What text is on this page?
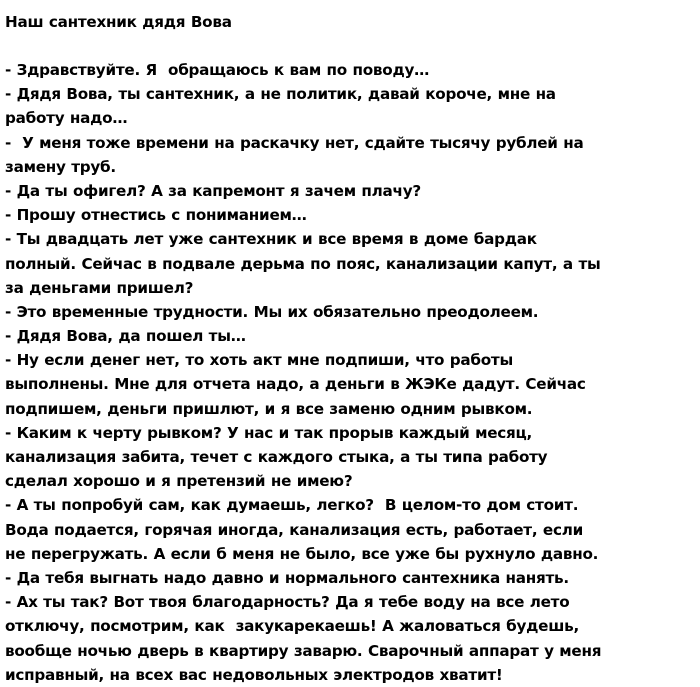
Наш сантехник дядя Вова
- Здравствуйте. Я  обращаюсь к вам по поводу…
- Дядя Вова, ты сантехник, а не политик, давай короче, мне на
работу надо…
-  У меня тоже времени на раскачку нет, сдайте тысячу рублей на
замену труб.
- Да ты офигел? А за капремонт я зачем плачу?
- Прошу отнестись с пониманием…
- Ты двадцать лет уже сантехник и все время в доме бардак
полный. Сейчас в подвале дерьма по пояс, канализации капут, а ты
за деньгами пришел?
- Это временные трудности. Мы их обязательно преодолеем.
- Дядя Вова, да пошел ты…
- Ну если денег нет, то хоть акт мне подпиши, что работы
выполнены. Мне для отчета надо, а деньги в ЖЭКе дадут. Сейчас
подпишем, деньги пришлют, и я все заменю одним рывком.
- Каким к черту рывком? У нас и так прорыв каждый месяц,
канализация забита, течет с каждого стыка, а ты типа работу
сделал хорошо и я претензий не имею?
- А ты попробуй сам, как думаешь, легко?  В целом-то дом стоит.
Вода подается, горячая иногда, канализация есть, работает, если
не перегружать. А если б меня не было, все уже бы рухнуло давно.
- Да тебя выгнать надо давно и нормального сантехника нанять.
- Ах ты так? Вот твоя благодарность? Да я тебе воду на все лето
отключу, посмотрим, как  закукарекаешь! А жаловаться будешь,
вообще ночью дверь в квартиру заварю. Сварочный аппарат у меня
исправный, на всех вас недовольных электродов хватит!
